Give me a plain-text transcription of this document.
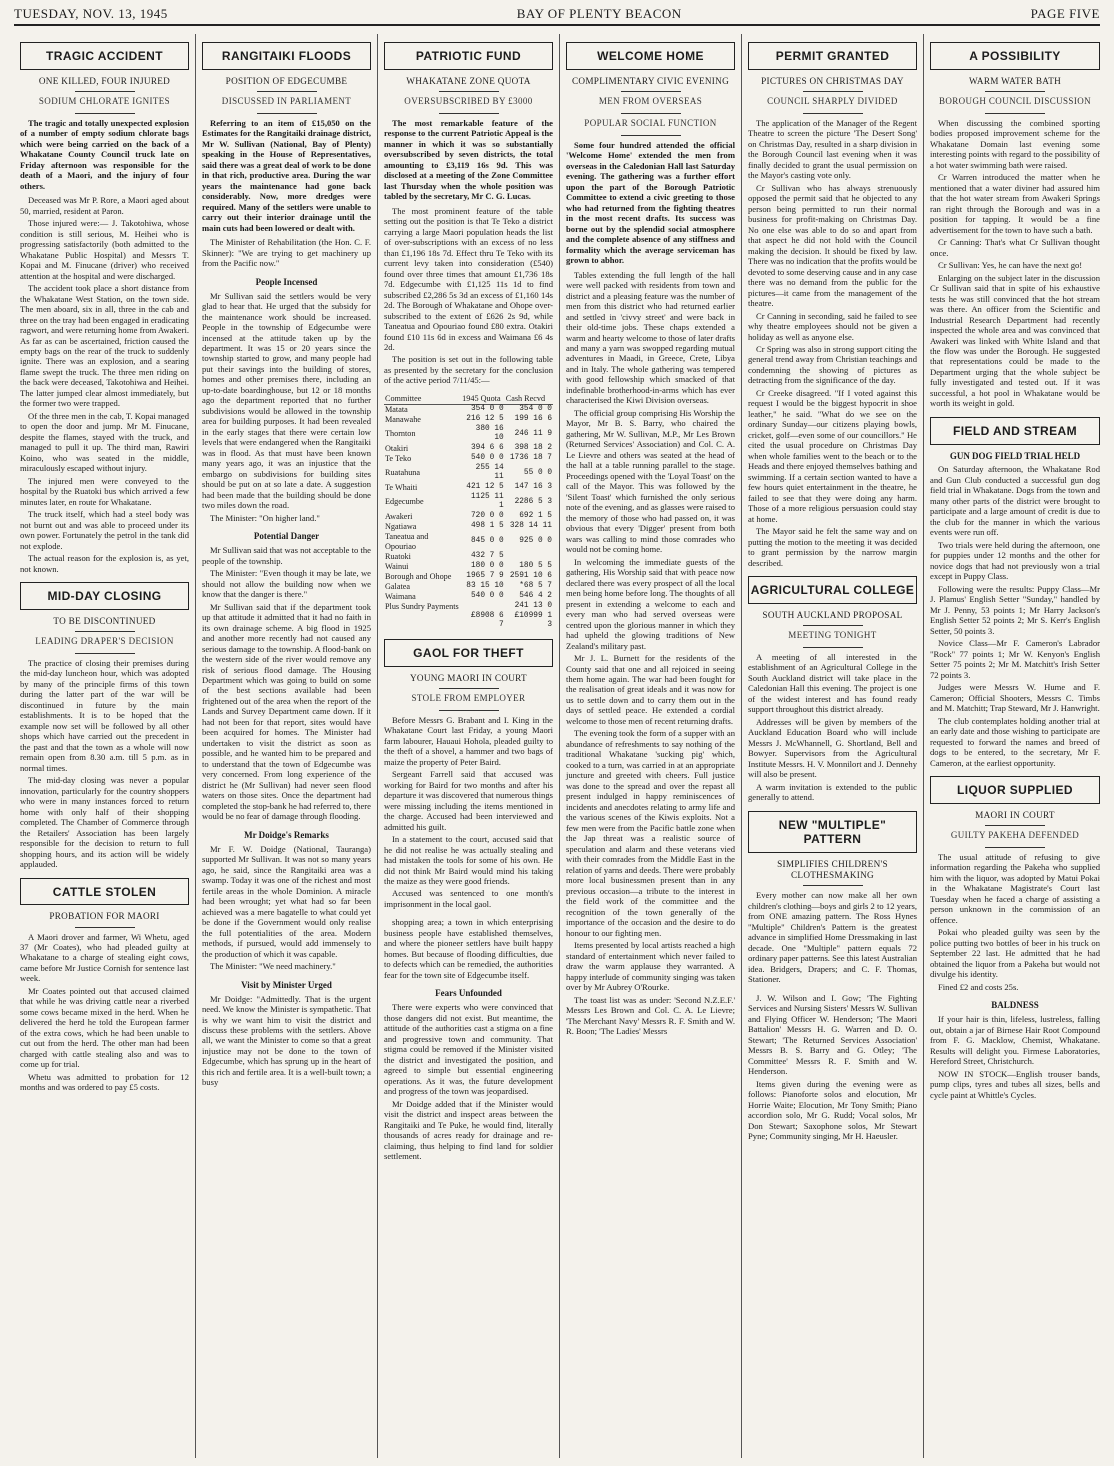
TUESDAY, NOV. 13, 1945	BAY OF PLENTY BEACON	PAGE FIVE
TRAGIC ACCIDENT
ONE KILLED, FOUR INJURED
SODIUM CHLORATE IGNITES

The tragic and totally unexpected explosion of a number of empty sodium chlorate bags which were being carried on the back of a Whakatane County Council truck late on Friday afternoon was responsible for the death of a Maori, and the injury of four others.

Deceased was Mr P. Rore, a Maori aged about 50, married, resident at Paron.

Those injured were:— J. Takotohiwa, whose condition is still serious, M. Heihei who is progressing satisfactorily (both admitted to the Whakatane Public Hospital) and Messrs T. Kopai and M. Finucane (driver) who received attention at the hospital and were discharged.

The accident took place a short distance from the Whakatane West Station, on the town side. The men aboard, six in all, three in the cab and three on the tray had been engaged in eradicating ragwort, and were returning home from Awakeri. As far as can be ascertained, friction caused the empty bags on the rear of the truck to suddenly ignite. There was an explosion, and a searing flame swept the truck. The three men riding on the back were deceased, Takotohiwa and Heihei. The latter jumped clear almost immediately, but the former two were trapped.

Of the three men in the cab, T. Kopai managed to open the door and jump. Mr M. Finucane, despite the flames, stayed with the truck, and managed to pull it up. The third man, Rawiri Koino, who was seated in the middle, miraculously escaped without injury.

The injured men were conveyed to the hospital by the Ruatoki bus which arrived a few minutes later, en route for Whakatane.

The truck itself, which had a steel body was not burnt out and was able to proceed under its own power. Fortunately the petrol in the tank did not explode.

The actual reason for the explosion is, as yet, not known.

MID-DAY CLOSING
TO BE DISCONTINUED
LEADING DRAPER'S DECISION

The practice of closing their premises during the mid-day luncheon hour, which was adopted by many of the principle firms of this town during the latter part of the war will be discontinued in future by the main establishments. It is to be hoped that the example now set will be followed by all other shops which have carried out the precedent in the past and that the town as a whole will now remain open from 8.30 a.m. till 5 p.m. as in normal times.

The mid-day closing was never a popular innovation, particularly for the country shoppers who were in many instances forced to return home with only half of their shopping completed. The Chamber of Commerce through the Retailers' Association has been largely responsible for the decision to return to full shopping hours, and its action will be widely applauded.

CATTLE STOLEN
PROBATION FOR MAORI

A Maori drover and farmer, Wi Whetu, aged 37 (Mr Coates), who had pleaded guilty at Whakatane to a charge of stealing eight cows, came before Mr Justice Cornish for sentence last week.

Mr Coates pointed out that accused claimed that while he was driving cattle near a riverbed some cows became mixed in the herd. When he delivered the herd he told the European farmer of the extra cows, which he had been unable to cut out from the herd. The other man had been charged with cattle stealing also and was to come up for trial.

Whetu was admitted to probation for 12 months and was ordered to pay £5 costs.

RANGITAIKI FLOODS
POSITION OF EDGECUMBE
DISCUSSED IN PARLIAMENT

Referring to an item of £15,050 on the Estimates for the Rangitaiki drainage district, Mr W. Sullivan (National, Bay of Plenty) speaking in the House of Representatives, said there was a great deal of work to be done in that rich, productive area. During the war years the maintenance had gone back considerably. Now, more dredges were required. Many of the settlers were unable to carry out their interior drainage until the main cuts had been lowered or dealt with.

The Minister of Rehabilitation (the Hon. C. F. Skinner): "We are trying to get machinery up from the Pacific now."

People Incensed

Mr Sullivan said the settlers would be very glad to hear that. He urged that the subsidy for the maintenance work should be increased. People in the township of Edgecumbe were incensed at the attitude taken up by the department. It was 15 or 20 years since the township started to grow, and many people had put their savings into the building of stores, homes and other premises there, including an up-to-date boardinghouse, but 12 or 18 months ago the department reported that no further subdivisions would be allowed in the township area for building purposes. It had been revealed in the early stages that there were certain low levels that were endangered when the Rangitaiki was in flood. As that must have been known many years ago, it was an injustice that the embargo on subdivisions for building sites should be put on at so late a date. A suggestion had been made that the building should be done two miles down the road.

The Minister: "On higher land."

Potential Danger

Mr Sullivan said that was not acceptable to the people of the township.

The Minister: "Even though it may be late, we should not allow the building now when we know that the danger is there."

Mr Sullivan said that if the department took up that attitude it admitted that it had no faith in its own drainage scheme. A big flood in 1925 and another more recently had not caused any serious damage to the township. A flood-bank on the western side of the river would remove any risk of serious flood damage. The Housing Department which was going to build on some of the best sections available had been frightened out of the area when the report of the Lands and Survey Department came down. If it had not been for that report, sites would have been acquired for homes. The Minister had undertaken to visit the district as soon as possible, and he wanted him to be prepared and to understand that the town of Edgecumbe was very concerned. From long experience of the district he (Mr Sullivan) had never seen flood waters on those sites. Once the department had completed the stop-bank he had referred to, there would be no fear of damage through flooding.

Mr Doidge's Remarks

Mr F. W. Doidge (National, Tauranga) supported Mr Sullivan. It was not so many years ago, he said, since the Rangitaiki area was a swamp. Today it was one of the richest and most fertile areas in the whole Dominion. A miracle had been wrought; yet what had so far been achieved was a mere bagatelle to what could yet be done if the Government would only realise the full potentialities of the area. Modern methods, if pursued, would add immensely to the production of which it was capable.

The Minister: "We need machinery."

Visit by Minister Urged

Mr Doidge: "Admittedly. That is the urgent need. We know the Minister is sympathetic. That is why we want him to visit the district and discuss these problems with the settlers. Above all, we want the Minister to come so that a great injustice may not be done to the town of Edgecumbe, which has sprung up in the heart of this rich and fertile area. It is a well-built town; a busy

PATRIOTIC FUND
WHAKATANE ZONE QUOTA
OVERSUBSCRIBED BY £3000

The most remarkable feature of the response to the current Patriotic Appeal is the manner in which it was so substantially oversubscribed by seven districts, the total amounting to £3,119 16s 9d. This was disclosed at a meeting of the Zone Committee last Thursday when the whole position was tabled by the secretary, Mr C. G. Lucas.

The most prominent feature of the table setting out the position is that Te Teko a district carrying a large Maori population heads the list of over-subscriptions with an excess of no less than £1,196 18s 7d. Effect thru Te Teko with its current levy taken into consideration (£540) found over three times that amount £1,736 18s 7d. Edgecumbe with £1,125 11s 1d to find subscribed £2,286 5s 3d an excess of £1,160 14s 2d. The Borough of Whakatane and Ohope over-subscribed to the extent of £626 2s 9d, while Taneatua and Opouriao found £80 extra. Otakiri found £10 11s 6d in excess and Waimana £6 4s 2d.

The position is set out in the following table as presented by the secretary for the conclusion of the active period 7/11/45:—

Committee	1945 Quota	Cash Recvd
Matata	354 0 0	354 0 0
Manawahe	216 12 5	199 16 6
Thornton	380 16 10	246 11 9
Otakiri	394 6 6	398 18 2
Te Teko	540 0 0	1736 18 7
Ruatahuna	255 14 11	55 0 0
Te Whaiti	421 12 5	147 16 3
Edgecumbe	1125 11 1	2286 5 3
Awakeri	720 0 0	692 1 5
Ngatiawa	498 1 5	328 14 11
Taneatua and Opouriao	845 0 0	925 0 0
Ruatoki	432 7 5	
Wainui	180 0 0	180 5 5
Borough and Ohope	1965 7 9	2591 10 6
Galatea	83 15 10	*68 5 7
Waimana	540 0 0	546 4 2
Plus Sundry Payments		241 13 0
	£8908 6 7	£10999 1 3
GAOL FOR THEFT
YOUNG MAORI IN COURT
STOLE FROM EMPLOYER

Before Messrs G. Brabant and I. King in the Whakatane Court last Friday, a young Maori farm labourer, Hauaui Hohola, pleaded guilty to the theft of a shovel, a hammer and two bags of maize the property of Peter Baird.

Sergeant Farrell said that accused was working for Baird for two months and after his departure it was discovered that numerous things were missing including the items mentioned in the charge. Accused had been interviewed and admitted his guilt.

In a statement to the court, accused said that he did not realise he was actually stealing and had mistaken the tools for some of his own. He did not think Mr Baird would mind his taking the maize as they were good friends.

Accused was sentenced to one month's imprisonment in the local gaol.

shopping area; a town in which enterprising business people have established themselves, and where the pioneer settlers have built happy homes. But because of flooding difficulties, due to defects which can be remedied, the authorities fear for the town site of Edgecumbe itself.

Fears Unfounded

There were experts who were convinced that those dangers did not exist. But meantime, the attitude of the authorities cast a stigma on a fine and progressive town and community. That stigma could be removed if the Minister visited the district and investigated the position, and agreed to simple but essential engineering operations. As it was, the future development and progress of the town was jeopardised.

Mr Doidge added that if the Minister would visit the district and inspect areas between the Rangitaiki and Te Puke, he would find, literally thousands of acres ready for drainage and re-claiming, thus helping to find land for soldier settlement.

WELCOME HOME
COMPLIMENTARY CIVIC EVENING
MEN FROM OVERSEAS
POPULAR SOCIAL FUNCTION

Some four hundred attended the official 'Welcome Home' extended the men from overseas in the Caledonian Hall last Saturday evening. The gathering was a further effort upon the part of the Borough Patriotic Committee to extend a civic greeting to those who had returned from the fighting theatres in the most recent drafts. Its success was borne out by the splendid social atmosphere and the complete absence of any stiffness and formality which the average serviceman has grown to abhor.

Tables extending the full length of the hall were well packed with residents from town and district and a pleasing feature was the number of men from this district who had returned earlier and settled in 'civvy street' and were back in their old-time jobs. These chaps extended a warm and hearty welcome to those of later drafts and many a yarn was swopped regarding mutual adventures in Maadi, in Greece, Crete, Libya and in Italy. The whole gathering was tempered with good fellowship which smacked of that indefinable brotherhood-in-arms which has ever characterised the Kiwi Division overseas.

The official group comprising His Worship the Mayor, Mr B. S. Barry, who chaired the gathering, Mr W. Sullivan, M.P., Mr Les Brown (Returned Services' Association) and Col. C. A. Le Lievre and others was seated at the head of the hall at a table running parallel to the stage. Proceedings opened with the 'Loyal Toast' on the call of the Mayor. This was followed by the 'Silent Toast' which furnished the only serious note of the evening, and as glasses were raised to the memory of those who had passed on, it was obvious that every 'Digger' present from both wars was calling to mind those comrades who would not be coming home.

In welcoming the immediate guests of the gathering, His Worship said that with peace now declared there was every prospect of all the local men being home before long. The thoughts of all present in extending a welcome to each and every man who had served overseas were centred upon the glorious manner in which they had upheld the glowing traditions of New Zealand's military past.

Mr J. L. Burnett for the residents of the County said that one and all rejoiced in seeing them home again. The war had been fought for the realisation of great ideals and it was now for us to settle down and to carry them out in the days of settled peace. He extended a cordial welcome to those men of recent returning drafts.

The evening took the form of a supper with an abundance of refreshments to say nothing of the traditional Whakatane 'sucking pig' which, cooked to a turn, was carried in at an appropriate juncture and greeted with cheers. Full justice was done to the spread and over the repast all present indulged in happy reminiscences of incidents and anecdotes relating to army life and the various scenes of the Kiwis exploits. Not a few men were from the Pacific battle zone when the Jap threat was a realistic source of speculation and alarm and these veterans vied with their comrades from the Middle East in the relation of yarns and deeds. There were probably more local businessmen present than in any previous occasion—a tribute to the interest in the field work of the committee and the recognition of the town generally of the importance of the occasion and the desire to do honour to our fighting men.

Items presented by local artists reached a high standard of entertainment which never failed to draw the warm applause they warranted. A happy interlude of community singing was taken over by Mr Aubrey O'Rourke.

The toast list was as under: 'Second N.Z.E.F.' Messrs Les Brown and Col. C. A. Le Lievre; 'The Merchant Navy' Messrs R. F. Smith and W. R. Boon; 'The Ladies' Messrs

PERMIT GRANTED
PICTURES ON CHRISTMAS DAY
COUNCIL SHARPLY DIVIDED

The application of the Manager of the Regent Theatre to screen the picture 'The Desert Song' on Christmas Day, resulted in a sharp division in the Borough Council last evening when it was finally decided to grant the usual permission on the Mayor's casting vote only.

Cr Sullivan who has always strenuously opposed the permit said that he objected to any person being permitted to run their normal business for profit-making on Christmas Day. No one else was able to do so and apart from that aspect he did not hold with the Council making the decision. It should be fixed by law. There was no indication that the profits would be devoted to some deserving cause and in any case there was no demand from the public for the pictures—it came from the management of the theatre.

Cr Canning in seconding, said he failed to see why theatre employees should not be given a holiday as well as anyone else.

Cr Spring was also in strong support citing the general trend away from Christian teachings and condemning the showing of pictures as detracting from the significance of the day.

Cr Creeke disagreed. "If I voted against this request I would be the biggest hypocrit in shoe leather," he said. "What do we see on the ordinary Sunday—our citizens playing bowls, cricket, golf—even some of our councillors." He cited the usual procedure on Christmas Day when whole families went to the beach or to the Heads and there enjoyed themselves bathing and swimming. If a certain section wanted to have a few hours quiet entertainment in the theatre, he failed to see that they were doing any harm. Those of a more religious persuasion could stay at home.

The Mayor said he felt the same way and on putting the motion to the meeting it was decided to grant permission by the narrow margin described.

AGRICULTURAL COLLEGE
SOUTH AUCKLAND PROPOSAL
MEETING TONIGHT

A meeting of all interested in the establishment of an Agricultural College in the South Auckland district will take place in the Caledonian Hall this evening. The project is one of the widest interest and has found ready support throughout this district already.

Addresses will be given by members of the Auckland Education Board who will include Messrs J. McWhannell, G. Shortland, Bell and Bowyer. Supervisors from the Agricultural Institute Messrs. H. V. Monnilort and J. Dennehy will also be present.

A warm invitation is extended to the public generally to attend.

NEW "MULTIPLE" PATTERN
SIMPLIFIES CHILDREN'S CLOTHESMAKING

Every mother can now make all her own children's clothing—boys and girls 2 to 12 years, from ONE amazing pattern. The Ross Hynes "Multiple" Children's Pattern is the greatest advance in simplified Home Dressmaking in last decade. One "Multiple" pattern equals 72 ordinary paper patterns. See this latest Australian idea. Bridgers, Drapers; and C. F. Thomas, Stationer.

J. W. Wilson and I. Gow; 'The Fighting Services and Nursing Sisters' Messrs W. Sullivan and Flying Officer W. Henderson; 'The Maori Battalion' Messrs H. G. Warren and D. O. Stewart; 'The Returned Services Association' Messrs B. S. Barry and G. Otley; 'The Committee' Messrs R. F. Smith and W. Henderson.

Items given during the evening were as follows: Pianoforte solos and elocution, Mr Horrie Waite; Elocution, Mr Tony Smith; Piano accordion solo, Mr G. Rudd; Vocal solos, Mr Don Stewart; Saxophone solos, Mr Stewart Pyne; Community singing, Mr H. Haeusler.

A POSSIBILITY
WARM WATER BATH
BOROUGH COUNCIL DISCUSSION

When discussing the combined sporting bodies proposed improvement scheme for the Whakatane Domain last evening some interesting points with regard to the possibility of a hot water swimming bath were raised.

Cr Warren introduced the matter when he mentioned that a water diviner had assured him that the hot water stream from Awakeri Springs ran right through the Borough and was in a position for tapping. It would be a fine advertisement for the town to have such a bath.

Cr Canning: That's what Cr Sullivan thought once.

Cr Sullivan: Yes, he can have the next go!

Enlarging on the subject later in the discussion Cr Sullivan said that in spite of his exhaustive tests he was still convinced that the hot stream was there. An officer from the Scientific and Industrial Research Department had recently inspected the whole area and was convinced that Awakeri was linked with White Island and that the flow was under the Borough. He suggested that representations could be made to the Department urging that the whole subject be fully investigated and tested out. If it was successful, a hot pool in Whakatane would be worth its weight in gold.

FIELD AND STREAM
GUN DOG FIELD TRIAL HELD

On Saturday afternoon, the Whakatane Rod and Gun Club conducted a successful gun dog field trial in Whakatane. Dogs from the town and many other parts of the district were brought to participate and a large amount of credit is due to the club for the manner in which the various events were run off.

Two trials were held during the afternoon, one for puppies under 12 months and the other for novice dogs that had not previously won a trial except in Puppy Class.

Following were the results: Puppy Class—Mr J. Plamus' English Setter "Sunday," handled by Mr J. Penny, 53 points 1; Mr Harry Jackson's English Setter 52 points 2; Mr S. Kerr's English Setter, 50 points 3.

Novice Class—Mr F. Cameron's Labrador "Rock" 77 points 1; Mr W. Kenyon's English Setter 75 points 2; Mr M. Matchitt's Irish Setter 72 points 3.

Judges were Messrs W. Hume and F. Cameron; Official Shooters, Messrs C. Timbs and M. Matchitt; Trap Steward, Mr J. Hanwright.

The club contemplates holding another trial at an early date and those wishing to participate are requested to forward the names and breed of dogs to be entered, to the secretary, Mr F. Cameron, at the earliest opportunity.

LIQUOR SUPPLIED
MAORI IN COURT
GUILTY PAKEHA DEFENDED

The usual attitude of refusing to give information regarding the Pakeha who supplied him with the liquor, was adopted by Matui Pokai in the Whakatane Magistrate's Court last Tuesday when he faced a charge of assisting a person unknown in the commission of an offence.

Pokai who pleaded guilty was seen by the police putting two bottles of beer in his truck on September 22 last. He admitted that he had obtained the liquor from a Pakeha but would not divulge his identity.

Fined £2 and costs 25s.

BALDNESS

If your hair is thin, lifeless, lustreless, falling out, obtain a jar of Birnese Hair Root Compound from F. G. Macklow, Chemist, Whakatane. Results will delight you. Firmese Laboratories, Hereford Street, Christchurch.

NOW IN STOCK—English trouser bands, pump clips, tyres and tubes all sizes, bells and cycle paint at Whittle's Cycles.
